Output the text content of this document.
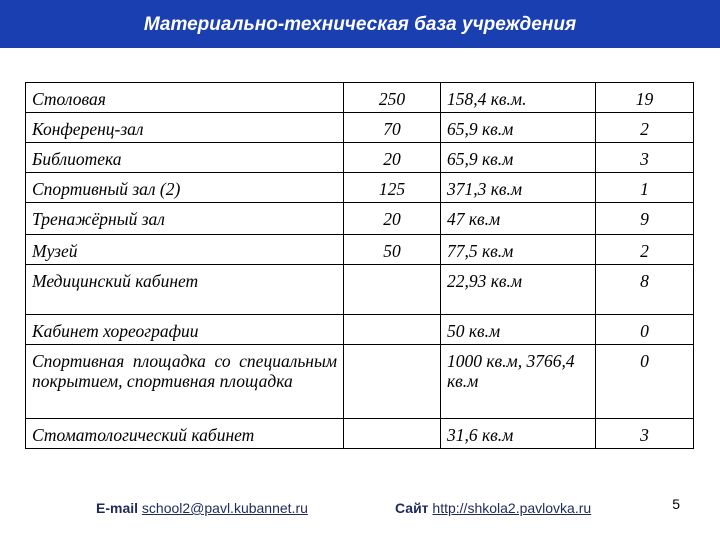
Материально-техническая база учреждения
Столовая	250	158,4 кв.м.	19
Конференц-зал	70	65,9 кв.м	2
Библиотека	20	65,9 кв.м	3
Спортивный зал (2)	125	371,3 кв.м	1
Тренажёрный зал	20	47 кв.м	9
Музей	50	77,5 кв.м	2
Медицинский кабинет		22,93 кв.м	8
Кабинет хореографии		50 кв.м	0
Спортивная площадка со специальным покрытием, спортивная площадка		1000 кв.м, 3766,4 кв.м	0
Стоматологический кабинет		31,6 кв.м	3
E-mail school2@pavl.kubannet.ru	Сайт http://shkola2.pavlovka.ru	5
